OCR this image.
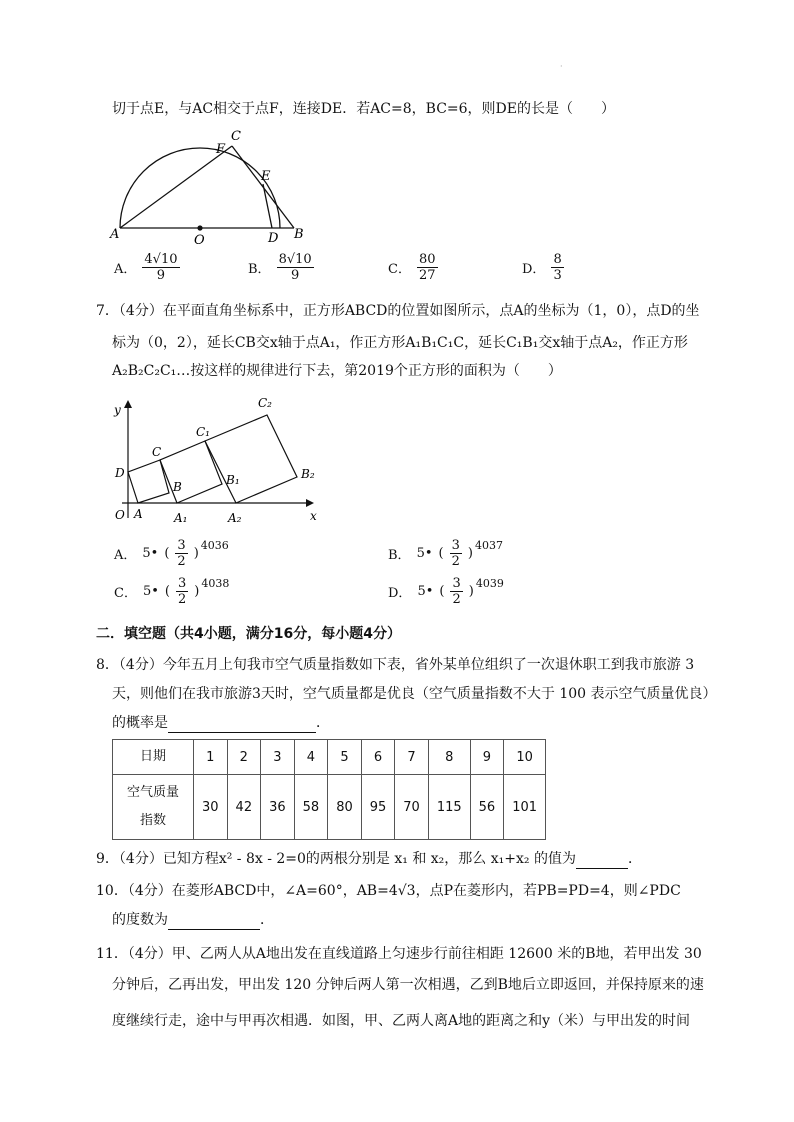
·
切于点E，与AC相交于点F，连接DE．若AC=8，BC=6，则DE的长是（　　）
C
F
E
A	O	D B
A． $\frac{4√10}{9}$	B． $\frac{8√10}{9}$	C． $\frac{80}{27}$	D． $\frac{8}{3}$
7．（4分）在平面直角坐标系中，正方形ABCD的位置如图所示，点A的坐标为（1，0），点D的坐
标为（0，2），延长CB交x轴于点A₁，作正方形A₁B₁C₁C，延长C₁B₁交x轴于点A₂，作正方形
A₂B₂C₂C₁…按这样的规律进行下去，第2019个正方形的面积为（　　）
y	C₂
C₁
D
C
B₁	B₂
B
O A	A₁	A₂	x
A． 5• ( $\frac{3}{2}$ )
$^{4036}$
B． 5• ( $\frac{3}{2}$ )
$^{4037}$
C． 5• ( $\frac{3}{2}$ )
$^{4038}$
D． 5• ( $\frac{3}{2}$ )
$^{4039}$
二．填空题（共4小题，满分16分，每小题4分）
8．（4分）今年五月上旬我市空气质量指数如下表，省外某单位组织了一次退休职工到我市旅游 3
天，则他们在我市旅游3天时，空气质量都是优良（空气质量指数不大于 100 表示空气质量优良）
的概率是	．
日期	1	2	3	4	5	6	7	8	9	10
空气质量指数	30	42	36	58	80	95	70	115	56	101
9．（4分）已知方程x² - 8x - 2=0的两根分别是 x₁ 和 x₂，那么 x₁+x₂ 的值为	．
10．（4分）在菱形ABCD中，∠A=60°，AB=4√3，点P在菱形内，若PB=PD=4，则∠PDC
的度数为	．
11．（4分）甲、乙两人从A地出发在直线道路上匀速步行前往相距 12600 米的B地，若甲出发 30
分钟后，乙再出发，甲出发 120 分钟后两人第一次相遇，乙到B地后立即返回，并保持原来的速
度继续行走，途中与甲再次相遇．如图，甲、乙两人离A地的距离之和y（米）与甲出发的时间
